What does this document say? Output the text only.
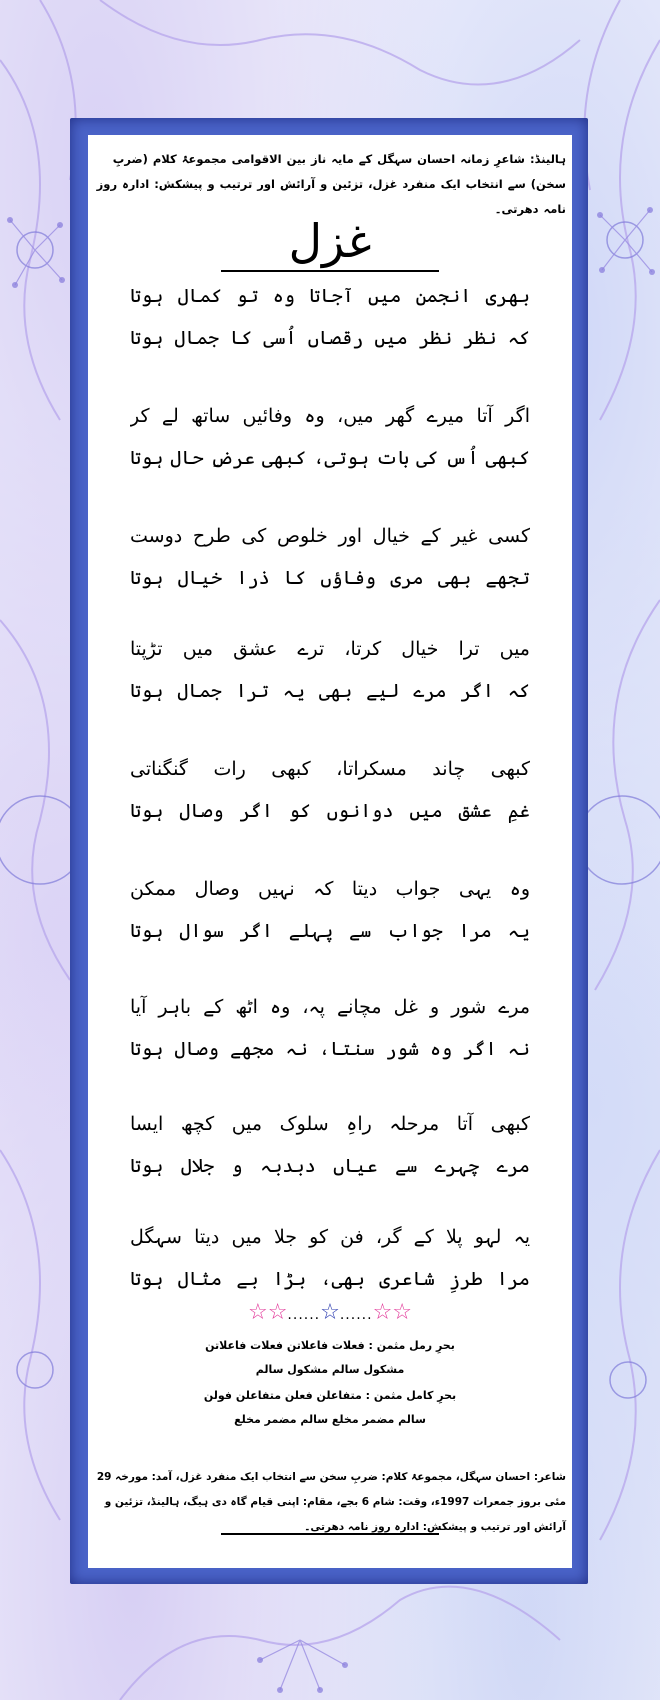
ہالینڈ: شاعرِ زمانہ احسان سہگل کے مایہ ناز بین الاقوامی مجموعۂ کلام (ضربِ سخن) سے انتخاب ایک منفرد غزل، تزئین و آرائش اور ترتیب و پیشکش: ادارہ روز نامہ دھرتی۔
غزل
بھری انجمن میں آجاتا وہ تو کمال ہوتا
کہ نظر نظر میں رقصاں اُسی کا جمال ہوتا
اگر آتا میرے گھر میں، وہ وفائیں ساتھ لے کر
کبھی اُس کی بات ہوتی، کبھی عرضِ حال ہوتا
کسی غیر کے خیال اور خلوص کی طرح دوست
تجھے بھی مری وفاؤں کا ذرا خیال ہوتا
میں ترا خیال کرتا، ترے عشق میں تڑپتا
کہ اگر مرے لیے بھی یہ ترا جمال ہوتا
کبھی چاند مسکراتا، کبھی رات گنگناتی
غمِ عشق میں دوانوں کو اگر وصال ہوتا
وہ یہی جواب دیتا کہ نہیں وصال ممکن
یہ مرا جواب سے پہلے اگر سوال ہوتا
مرے شور و غل مچانے پہ، وہ اٹھ کے باہر آیا
نہ اگر وہ شور سنتا، نہ مجھے وصال ہوتا
کبھی آتا مرحلہ راہِ سلوک میں کچھ ایسا
مرے چہرے سے عیاں دبدبہ و جلال ہوتا
یہ لہو پلا کے گر، فن کو جلا میں دیتا سہگل
مرا طرزِ شاعری بھی، بڑا بے مثال ہوتا
☆☆......☆......☆☆
بحرِ رمل مثمن : فعلات فاعلاتن فعلات فاعلاتن
مشکول سالم مشکول سالم
بحرِ کامل مثمن : متفاعلن فعلن متفاعلن فولن
سالم مضمر مخلع سالم مضمر مخلع
شاعر: احسان سہگل، مجموعۂ کلام: ضربِ سخن سے انتخاب ایک منفرد غزل، آمد: مورخہ 29 مئی بروز جمعرات 1997ء، وقت: شام 6 بجے، مقام: اپنی قیام گاہ دی ہیگ، ہالینڈ، تزئین و آرائش اور ترتیب و پیشکش: ادارہ روز نامہ دھرتی۔
